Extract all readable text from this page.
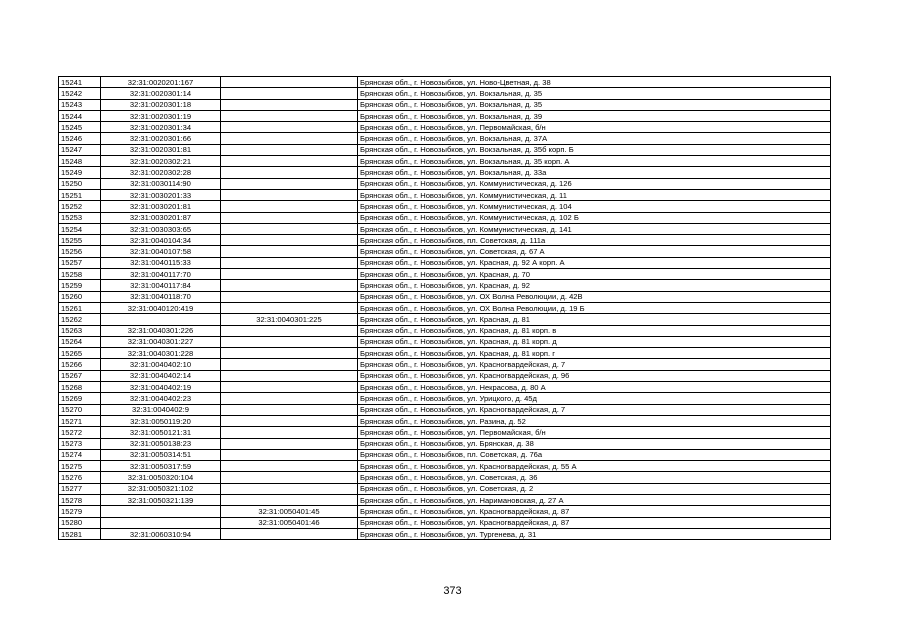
15241	32:31:0020201:167		Брянская обл., г. Новозыбков, ул. Ново-Цветная, д. 38
15242	32:31:0020301:14		Брянская обл., г. Новозыбков, ул. Вокзальная, д. 35
15243	32:31:0020301:18		Брянская обл., г. Новозыбков, ул. Вокзальная, д. 35
15244	32:31:0020301:19		Брянская обл., г. Новозыбков, ул. Вокзальная, д. 39
15245	32:31:0020301:34		Брянская обл., г. Новозыбков, ул. Первомайская, б/н
15246	32:31:0020301:66		Брянская обл., г. Новозыбков, ул. Вокзальная, д. 37А
15247	32:31:0020301:81		Брянская обл., г. Новозыбков, ул. Вокзальная, д. 35б корп. Б
15248	32:31:0020302:21		Брянская обл., г. Новозыбков, ул. Вокзальная, д. 35 корп. А
15249	32:31:0020302:28		Брянская обл., г. Новозыбков, ул. Вокзальная, д. 33а
15250	32:31:0030114:90		Брянская обл., г. Новозыбков, ул. Коммунистическая, д. 126
15251	32:31:0030201:33		Брянская обл., г. Новозыбков, ул. Коммунистическая, д. 11
15252	32:31:0030201:81		Брянская обл., г. Новозыбков, ул. Коммунистическая, д. 104
15253	32:31:0030201:87		Брянская обл., г. Новозыбков, ул. Коммунистическая, д. 102 Б
15254	32:31:0030303:65		Брянская обл., г. Новозыбков, ул. Коммунистическая, д. 141
15255	32:31:0040104:34		Брянская обл., г. Новозыбков, пл. Советская, д. 111а
15256	32:31:0040107:58		Брянская обл., г. Новозыбков, ул. Советская, д. 67 А
15257	32:31:0040115:33		Брянская обл., г. Новозыбков, ул. Красная, д. 92 А корп. А
15258	32:31:0040117:70		Брянская обл., г. Новозыбков, ул. Красная, д. 70
15259	32:31:0040117:84		Брянская обл., г. Новозыбков, ул. Красная, д. 92
15260	32:31:0040118:70		Брянская обл., г. Новозыбков, ул. ОХ Волна Революции, д. 42В
15261	32:31:0040120:419		Брянская обл., г. Новозыбков, ул. ОХ Волна Революции, д. 19 Б
15262		32:31:0040301:225	Брянская обл., г. Новозыбков, ул. Красная, д. 81
15263	32:31:0040301:226		Брянская обл., г. Новозыбков, ул. Красная, д. 81 корп. в
15264	32:31:0040301:227		Брянская обл., г. Новозыбков, ул. Красная, д. 81 корп. д
15265	32:31:0040301:228		Брянская обл., г. Новозыбков, ул. Красная, д. 81 корп. г
15266	32:31:0040402:10		Брянская обл., г. Новозыбков, ул. Красногвардейская, д. 7
15267	32:31:0040402:14		Брянская обл., г. Новозыбков, ул. Красногвардейская, д. 96
15268	32:31:0040402:19		Брянская обл., г. Новозыбков, ул. Некрасова, д. 80 А
15269	32:31:0040402:23		Брянская обл., г. Новозыбков, ул. Урицкого, д. 45д
15270	32:31:0040402:9		Брянская обл., г. Новозыбков, ул. Красногвардейская, д. 7
15271	32:31:0050119:20		Брянская обл., г. Новозыбков, ул. Разина, д. 52
15272	32:31:0050121:31		Брянская обл., г. Новозыбков, ул. Первомайская, б/н
15273	32:31:0050138:23		Брянская обл., г. Новозыбков, ул. Брянская, д. 38
15274	32:31:0050314:51		Брянская обл., г. Новозыбков, пл. Советская, д. 76а
15275	32:31:0050317:59		Брянская обл., г. Новозыбков, ул. Красногвардейская, д. 55 А
15276	32:31:0050320:104		Брянская обл., г. Новозыбков, ул. Советская, д. 36
15277	32:31:0050321:102		Брянская обл., г. Новозыбков, ул. Советская, д. 2
15278	32:31:0050321:139		Брянская обл., г. Новозыбков, ул. Наримановская, д. 27 А
15279		32:31:0050401:45	Брянская обл., г. Новозыбков, ул. Красногвардейская, д. 87
15280		32:31:0050401:46	Брянская обл., г. Новозыбков, ул. Красногвардейская, д. 87
15281	32:31:0060310:94		Брянская обл., г. Новозыбков, ул. Тургенева, д. 31
373
